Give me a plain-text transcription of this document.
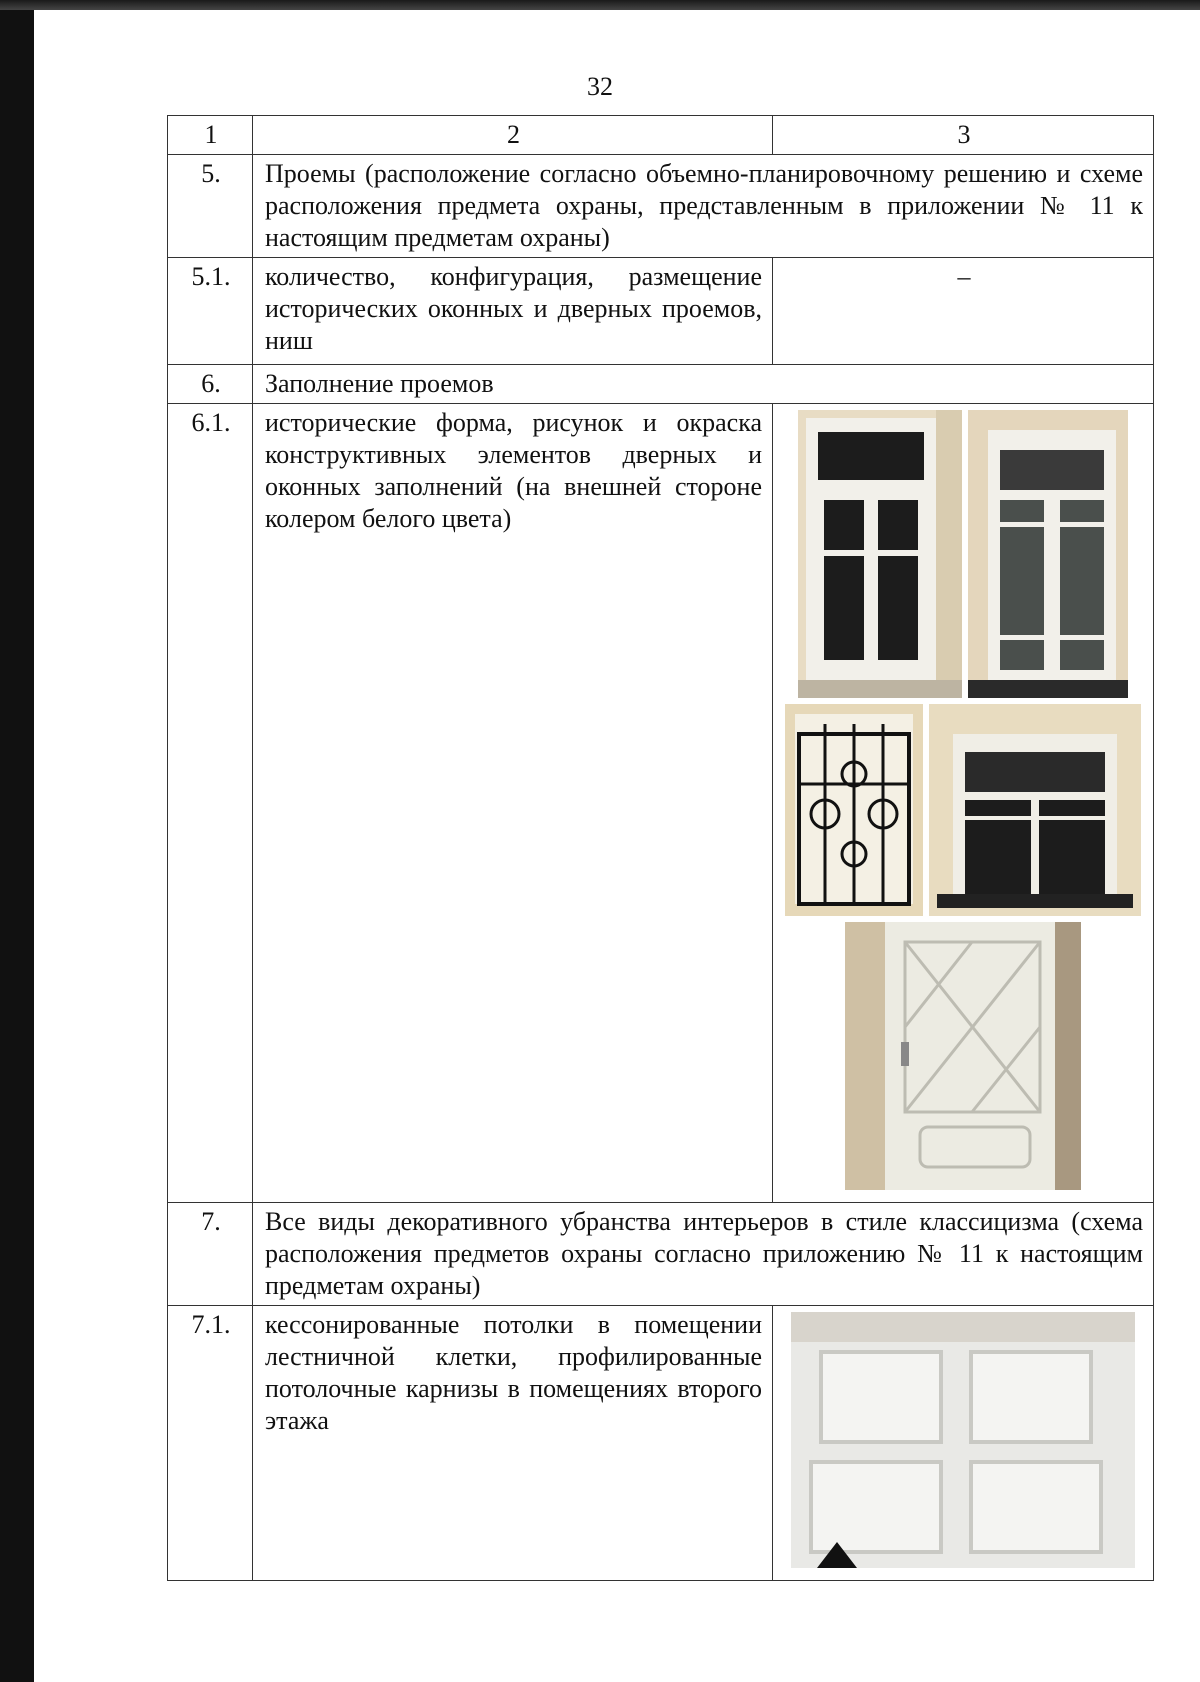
32
1	2	3
5.	Проемы (расположение согласно объемно-планировочному решению и схеме расположения предмета охраны, представленным в приложении № 11 к настоящим предметам охраны)	
5.1.	количество, конфигурация, размещение исторических оконных и дверных проемов, ниш	–
6.	Заполнение проемов	
6.1.	исторические форма, рисунок и окраска конструктивных элементов дверных и оконных заполнений (на внешней стороне колером белого цвета)	

7.	Все виды декоративного убранства интерьеров в стиле классицизма (схема расположения предметов охраны согласно приложению № 11 к настоящим предметам охраны)	
7.1.	кессонированные потолки в помещении лестничной клетки, профилированные потолочные карнизы в помещениях второго этажа	
